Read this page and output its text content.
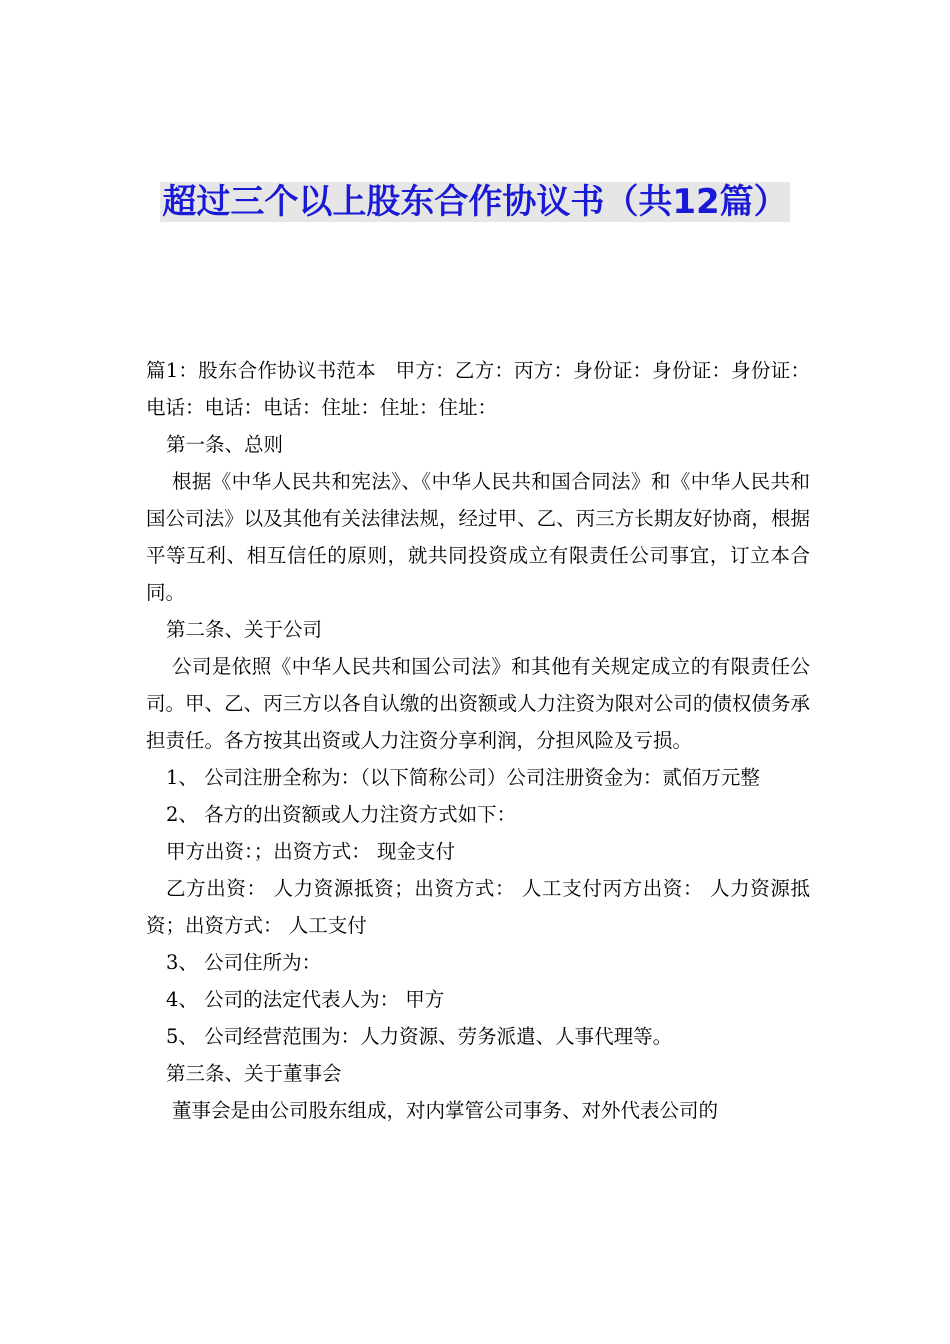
超过三个以上股东合作协议书（共12篇）

篇1：股东合作协议书范本　甲方：乙方：丙方：身份证：身份证：身份证：电话：电话：电话：住址：住址：住址：

第一条、总则

根据《中华人民共和宪法》、《中华人民共和国合同法》和《中华人民共和国公司法》以及其他有关法律法规，经过甲、乙、丙三方长期友好协商，根据平等互利、相互信任的原则，就共同投资成立有限责任公司事宜，订立本合同。

第二条、关于公司

公司是依照《中华人民共和国公司法》和其他有关规定成立的有限责任公司。甲、乙、丙三方以各自认缴的出资额或人力注资为限对公司的债权债务承担责任。各方按其出资或人力注资分享利润，分担风险及亏损。

1、 公司注册全称为：（以下简称公司）公司注册资金为：贰佰万元整

2、 各方的出资额或人力注资方式如下：

甲方出资：；出资方式： 现金支付

乙方出资： 人力资源抵资；出资方式： 人工支付丙方出资： 人力资源抵资；出资方式： 人工支付

3、 公司住所为：

4、 公司的法定代表人为： 甲方

5、 公司经营范围为：人力资源、劳务派遣、人事代理等。

第三条、关于董事会

董事会是由公司股东组成，对内掌管公司事务、对外代表公司的
